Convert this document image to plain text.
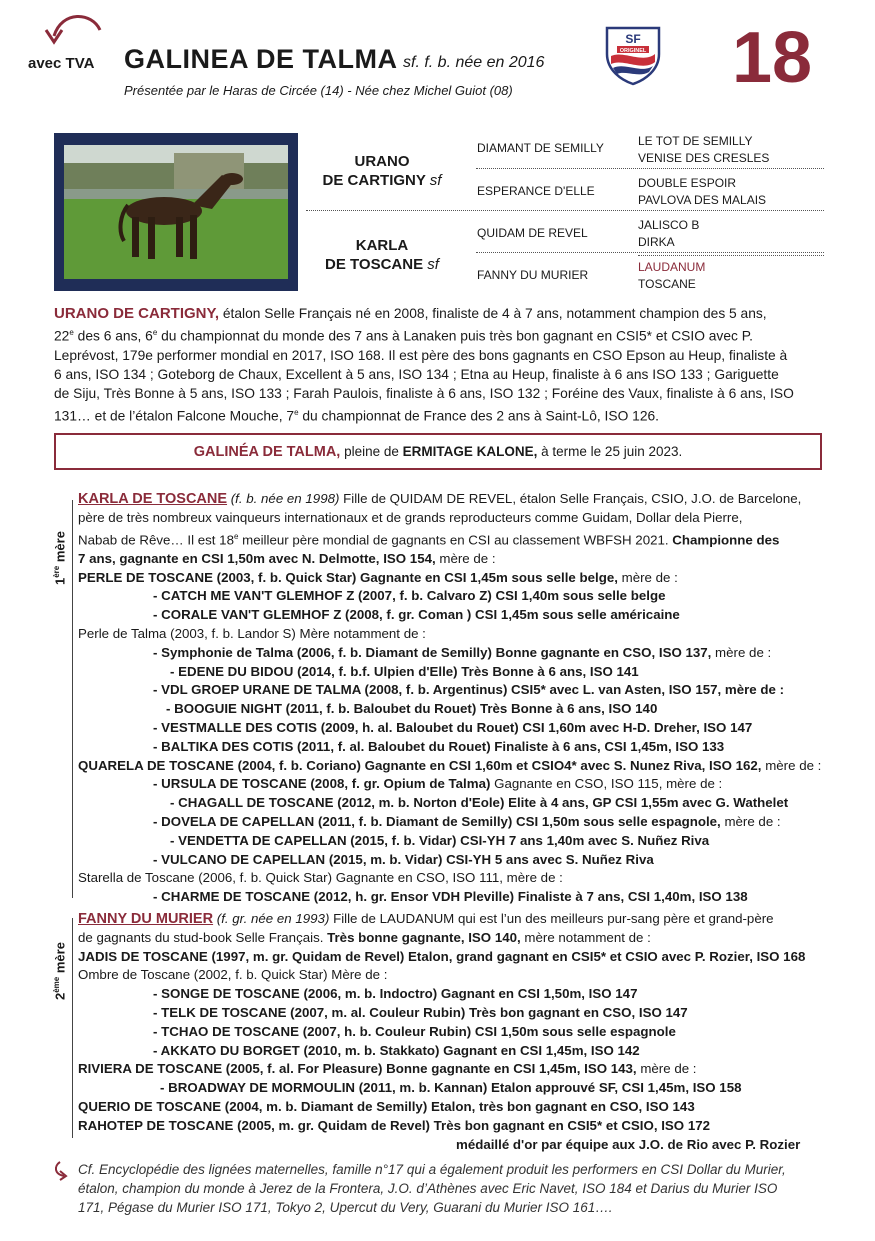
avec TVA GALINEA DE TALMA sf. f. b. née en 2016
Présentée par le Haras de Circée (14) - Née chez Michel Guiot (08)
SF
ORIGINEL 18
URANO
DE CARTIGNY sf
KARLA
DE TOSCANE sf
DIAMANT DE SEMILLY
ESPERANCE D'ELLE
QUIDAM DE REVEL
FANNY DU MURIER
LE TOT DE SEMILLY
VENISE DES CRESLES
DOUBLE ESPOIR
PAVLOVA DES MALAIS
JALISCO B
DIRKA
LAUDANUM
TOSCANE
URANO DE CARTIGNY, étalon Selle Français né en 2008, finaliste de 4 à 7 ans, notamment champion des 5 ans,
22e des 6 ans, 6e du championnat du monde des 7 ans à Lanaken puis très bon gagnant en CSI5* et CSIO avec P.
Leprévost, 179e performer mondial en 2017, ISO 168. Il est père des bons gagnants en CSO Epson au Heup, finaliste à
6 ans, ISO 134 ; Goteborg de Chaux, Excellent à 5 ans, ISO 134 ; Etna au Heup, finaliste à 6 ans ISO 133 ; Gariguette
de Siju, Très Bonne à 5 ans, ISO 133 ; Farah Paulois, finaliste à 6 ans, ISO 132 ; Foréine des Vaux, finaliste à 6 ans, ISO
131… et de l’étalon Falcone Mouche, 7e du championnat de France des 2 ans à Saint-Lô, ISO 126.
GALINÉA DE TALMA, pleine de ERMITAGE KALONE, à terme le 25 juin 2023.
1ère mère
KARLA DE TOSCANE (f. b. née en 1998) Fille de QUIDAM DE REVEL, étalon Selle Français, CSIO, J.O. de Barcelone,
père de très nombreux vainqueurs internationaux et de grands reproducteurs comme Guidam, Dollar dela Pierre,
Nabab de Rêve… Il est 18e meilleur père mondial de gagnants en CSI au classement WBFSH 2021. Championne des
7 ans, gagnante en CSI 1,50m avec N. Delmotte, ISO 154, mère de :
PERLE DE TOSCANE (2003, f. b. Quick Star) Gagnante en CSI 1,45m sous selle belge, mère de :
- CATCH ME VAN'T GLEMHOF Z (2007, f. b. Calvaro Z) CSI 1,40m sous selle belge
- CORALE VAN'T GLEMHOF Z (2008, f. gr. Coman ) CSI 1,45m sous selle américaine
Perle de Talma (2003, f. b. Landor S) Mère notamment de :
- Symphonie de Talma (2006, f. b. Diamant de Semilly) Bonne gagnante en CSO, ISO 137, mère de :
- EDENE DU BIDOU (2014, f. b.f. Ulpien d'Elle) Très Bonne à 6 ans, ISO 141
- VDL GROEP URANE DE TALMA (2008, f. b. Argentinus) CSI5* avec L. van Asten, ISO 157, mère de :
- BOOGUIE NIGHT (2011, f. b. Baloubet du Rouet) Très Bonne à 6 ans, ISO 140
- VESTMALLE DES COTIS (2009, h. al. Baloubet du Rouet) CSI 1,60m avec H-D. Dreher, ISO 147
- BALTIKA DES COTIS (2011, f. al. Baloubet du Rouet) Finaliste à 6 ans, CSI 1,45m, ISO 133
QUARELA DE TOSCANE (2004, f. b. Coriano) Gagnante en CSI 1,60m et CSIO4* avec S. Nunez Riva, ISO 162, mère de :
- URSULA DE TOSCANE (2008, f. gr. Opium de Talma) Gagnante en CSO, ISO 115, mère de :
- CHAGALL DE TOSCANE (2012, m. b. Norton d'Eole) Elite à 4 ans, GP CSI 1,55m avec G. Wathelet
- DOVELA DE CAPELLAN (2011, f. b. Diamant de Semilly) CSI 1,50m sous selle espagnole, mère de :
- VENDETTA DE CAPELLAN (2015, f. b. Vidar) CSI-YH 7 ans 1,40m avec S. Nuñez Riva
- VULCANO DE CAPELLAN (2015, m. b. Vidar) CSI-YH 5 ans avec S. Nuñez Riva
Starella de Toscane (2006, f. b. Quick Star) Gagnante en CSO, ISO 111, mère de :
- CHARME DE TOSCANE (2012, h. gr. Ensor VDH Pleville) Finaliste à 7 ans, CSI 1,40m, ISO 138
2ème mère
FANNY DU MURIER (f. gr. née en 1993) Fille de LAUDANUM qui est l’un des meilleurs pur-sang père et grand-père
de gagnants du stud-book Selle Français. Très bonne gagnante, ISO 140, mère notamment de :
JADIS DE TOSCANE (1997, m. gr. Quidam de Revel) Etalon, grand gagnant en CSI5* et CSIO avec P. Rozier, ISO 168
Ombre de Toscane (2002, f. b. Quick Star) Mère de :
- SONGE DE TOSCANE (2006, m. b. Indoctro) Gagnant en CSI 1,50m, ISO 147
- TELK DE TOSCANE (2007, m. al. Couleur Rubin) Très bon gagnant en CSO, ISO 147
- TCHAO DE TOSCANE (2007, h. b. Couleur Rubin) CSI 1,50m sous selle espagnole
- AKKATO DU BORGET (2010, m. b. Stakkato) Gagnant en CSI 1,45m, ISO 142
RIVIERA DE TOSCANE (2005, f. al. For Pleasure) Bonne gagnante en CSI 1,45m, ISO 143, mère de :
- BROADWAY DE MORMOULIN (2011, m. b. Kannan) Etalon approuvé SF, CSI 1,45m, ISO 158
QUERIO DE TOSCANE (2004, m. b. Diamant de Semilly) Etalon, très bon gagnant en CSO, ISO 143
RAHOTEP DE TOSCANE (2005, m. gr. Quidam de Revel) Très bon gagnant en CSI5* et CSIO, ISO 172
médaillé d'or par équipe aux J.O. de Rio avec P. Rozier
Cf. Encyclopédie des lignées maternelles, famille n°17 qui a également produit les performers en CSI Dollar du Murier,
étalon, champion du monde à Jerez de la Frontera, J.O. d’Athènes avec Eric Navet, ISO 184 et Darius du Murier ISO
171, Pégase du Murier ISO 171, Tokyo 2, Upercut du Very, Guarani du Murier ISO 161….
